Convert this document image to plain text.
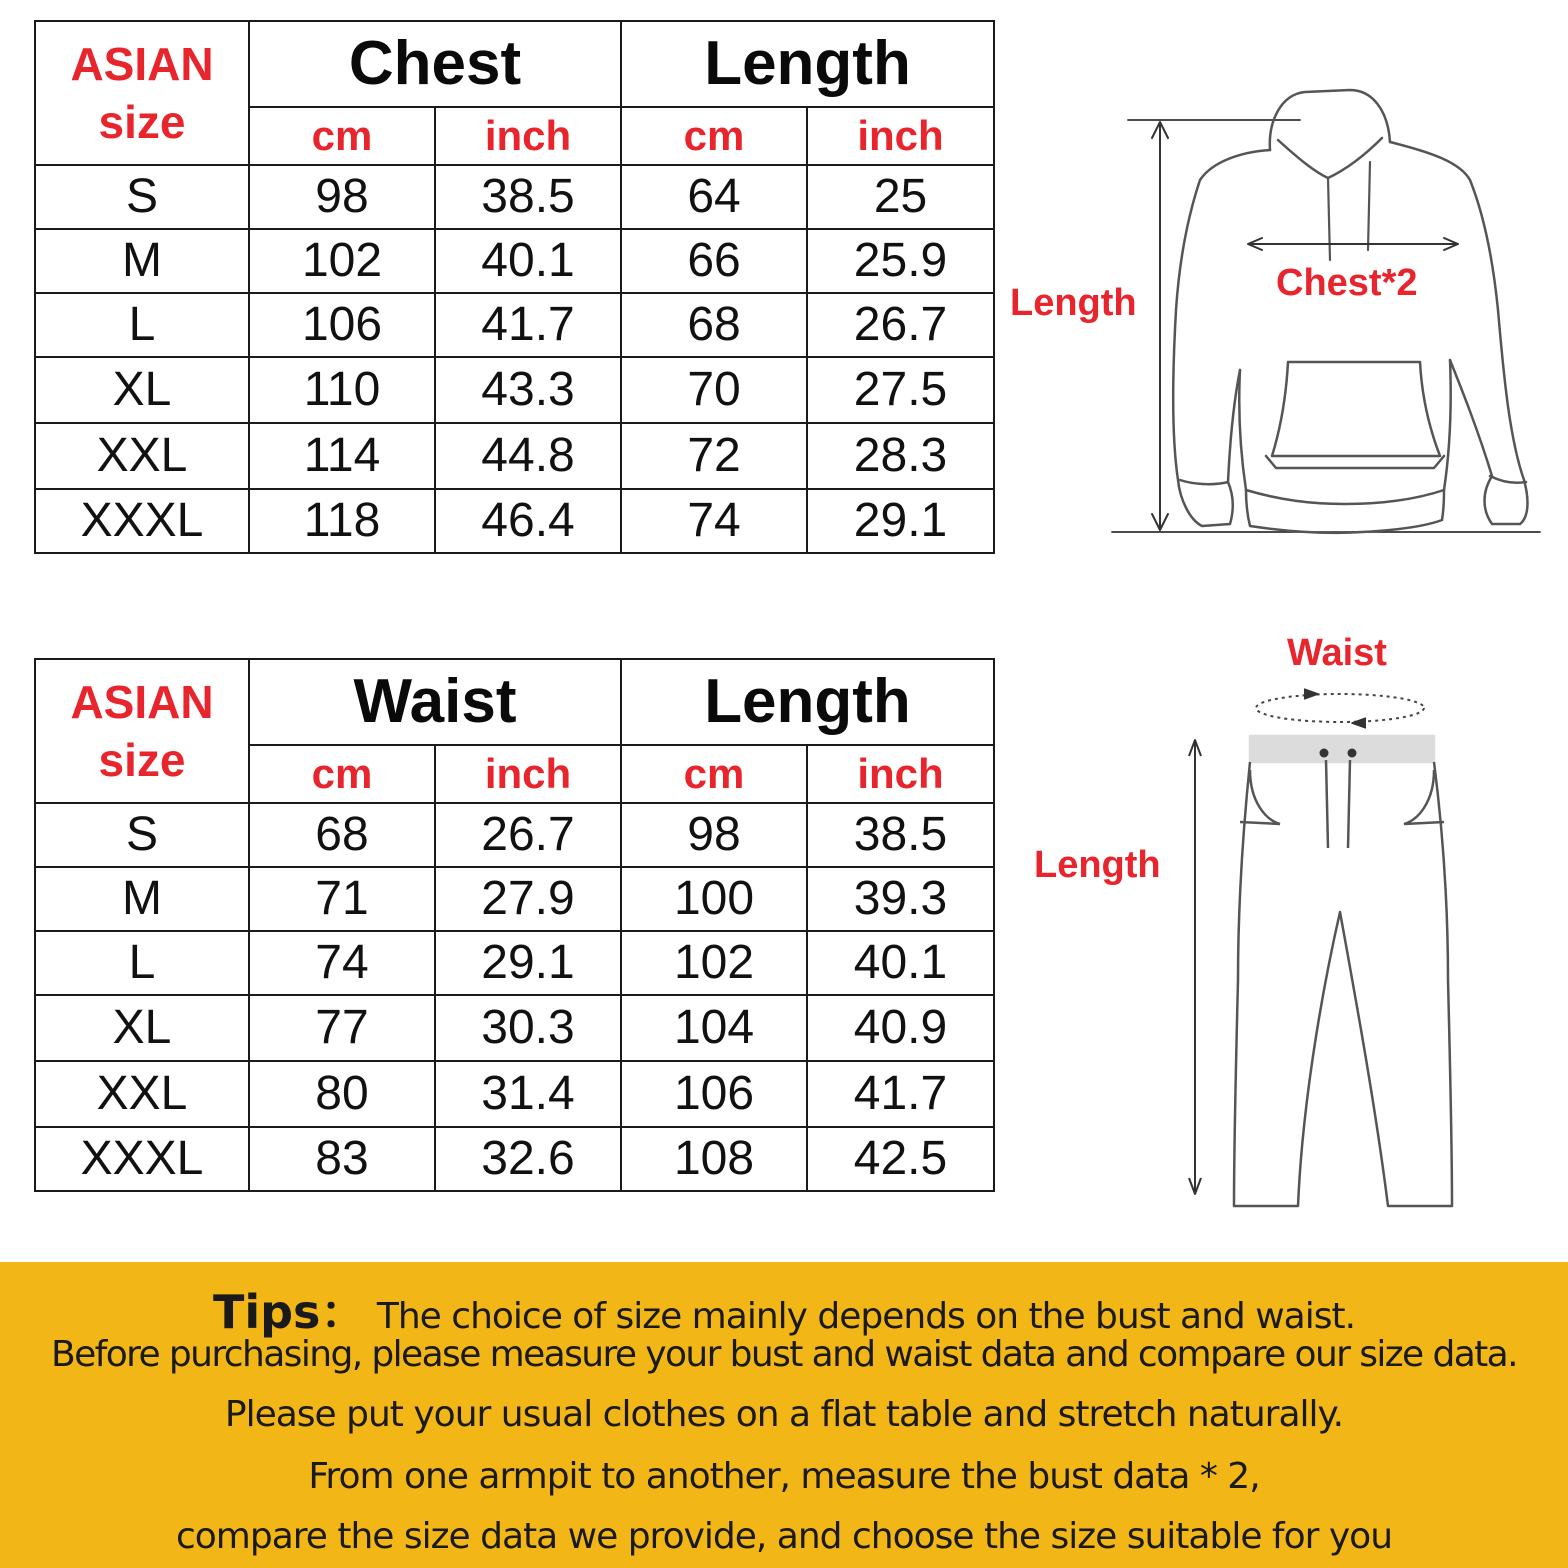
ASIAN
size	Chest		Length	
	cm	inch	cm	inch
S	98	38.5	64	25
M	102	40.1	66	25.9
L	106	41.7	68	26.7
XL	110	43.3	70	27.5
XXL	114	44.8	72	28.3
XXXL	118	46.4	74	29.1
ASIAN
size	Waist		Length	
	cm	inch	cm	inch
S	68	26.7	98	38.5
M	71	27.9	100	39.3
L	74	29.1	102	40.1
XL	77	30.3	104	40.9
XXL	80	31.4	106	41.7
XXXL	83	32.6	108	42.5
Length	Chest*2
Waist
Length
Tips： The choice of size mainly depends on the bust and waist.
Before purchasing, please measure your bust and waist data and compare our size data.
Please put your usual clothes on a flat table and stretch naturally.
From one armpit to another, measure the bust data * 2,
compare the size data we provide, and choose the size suitable for you
